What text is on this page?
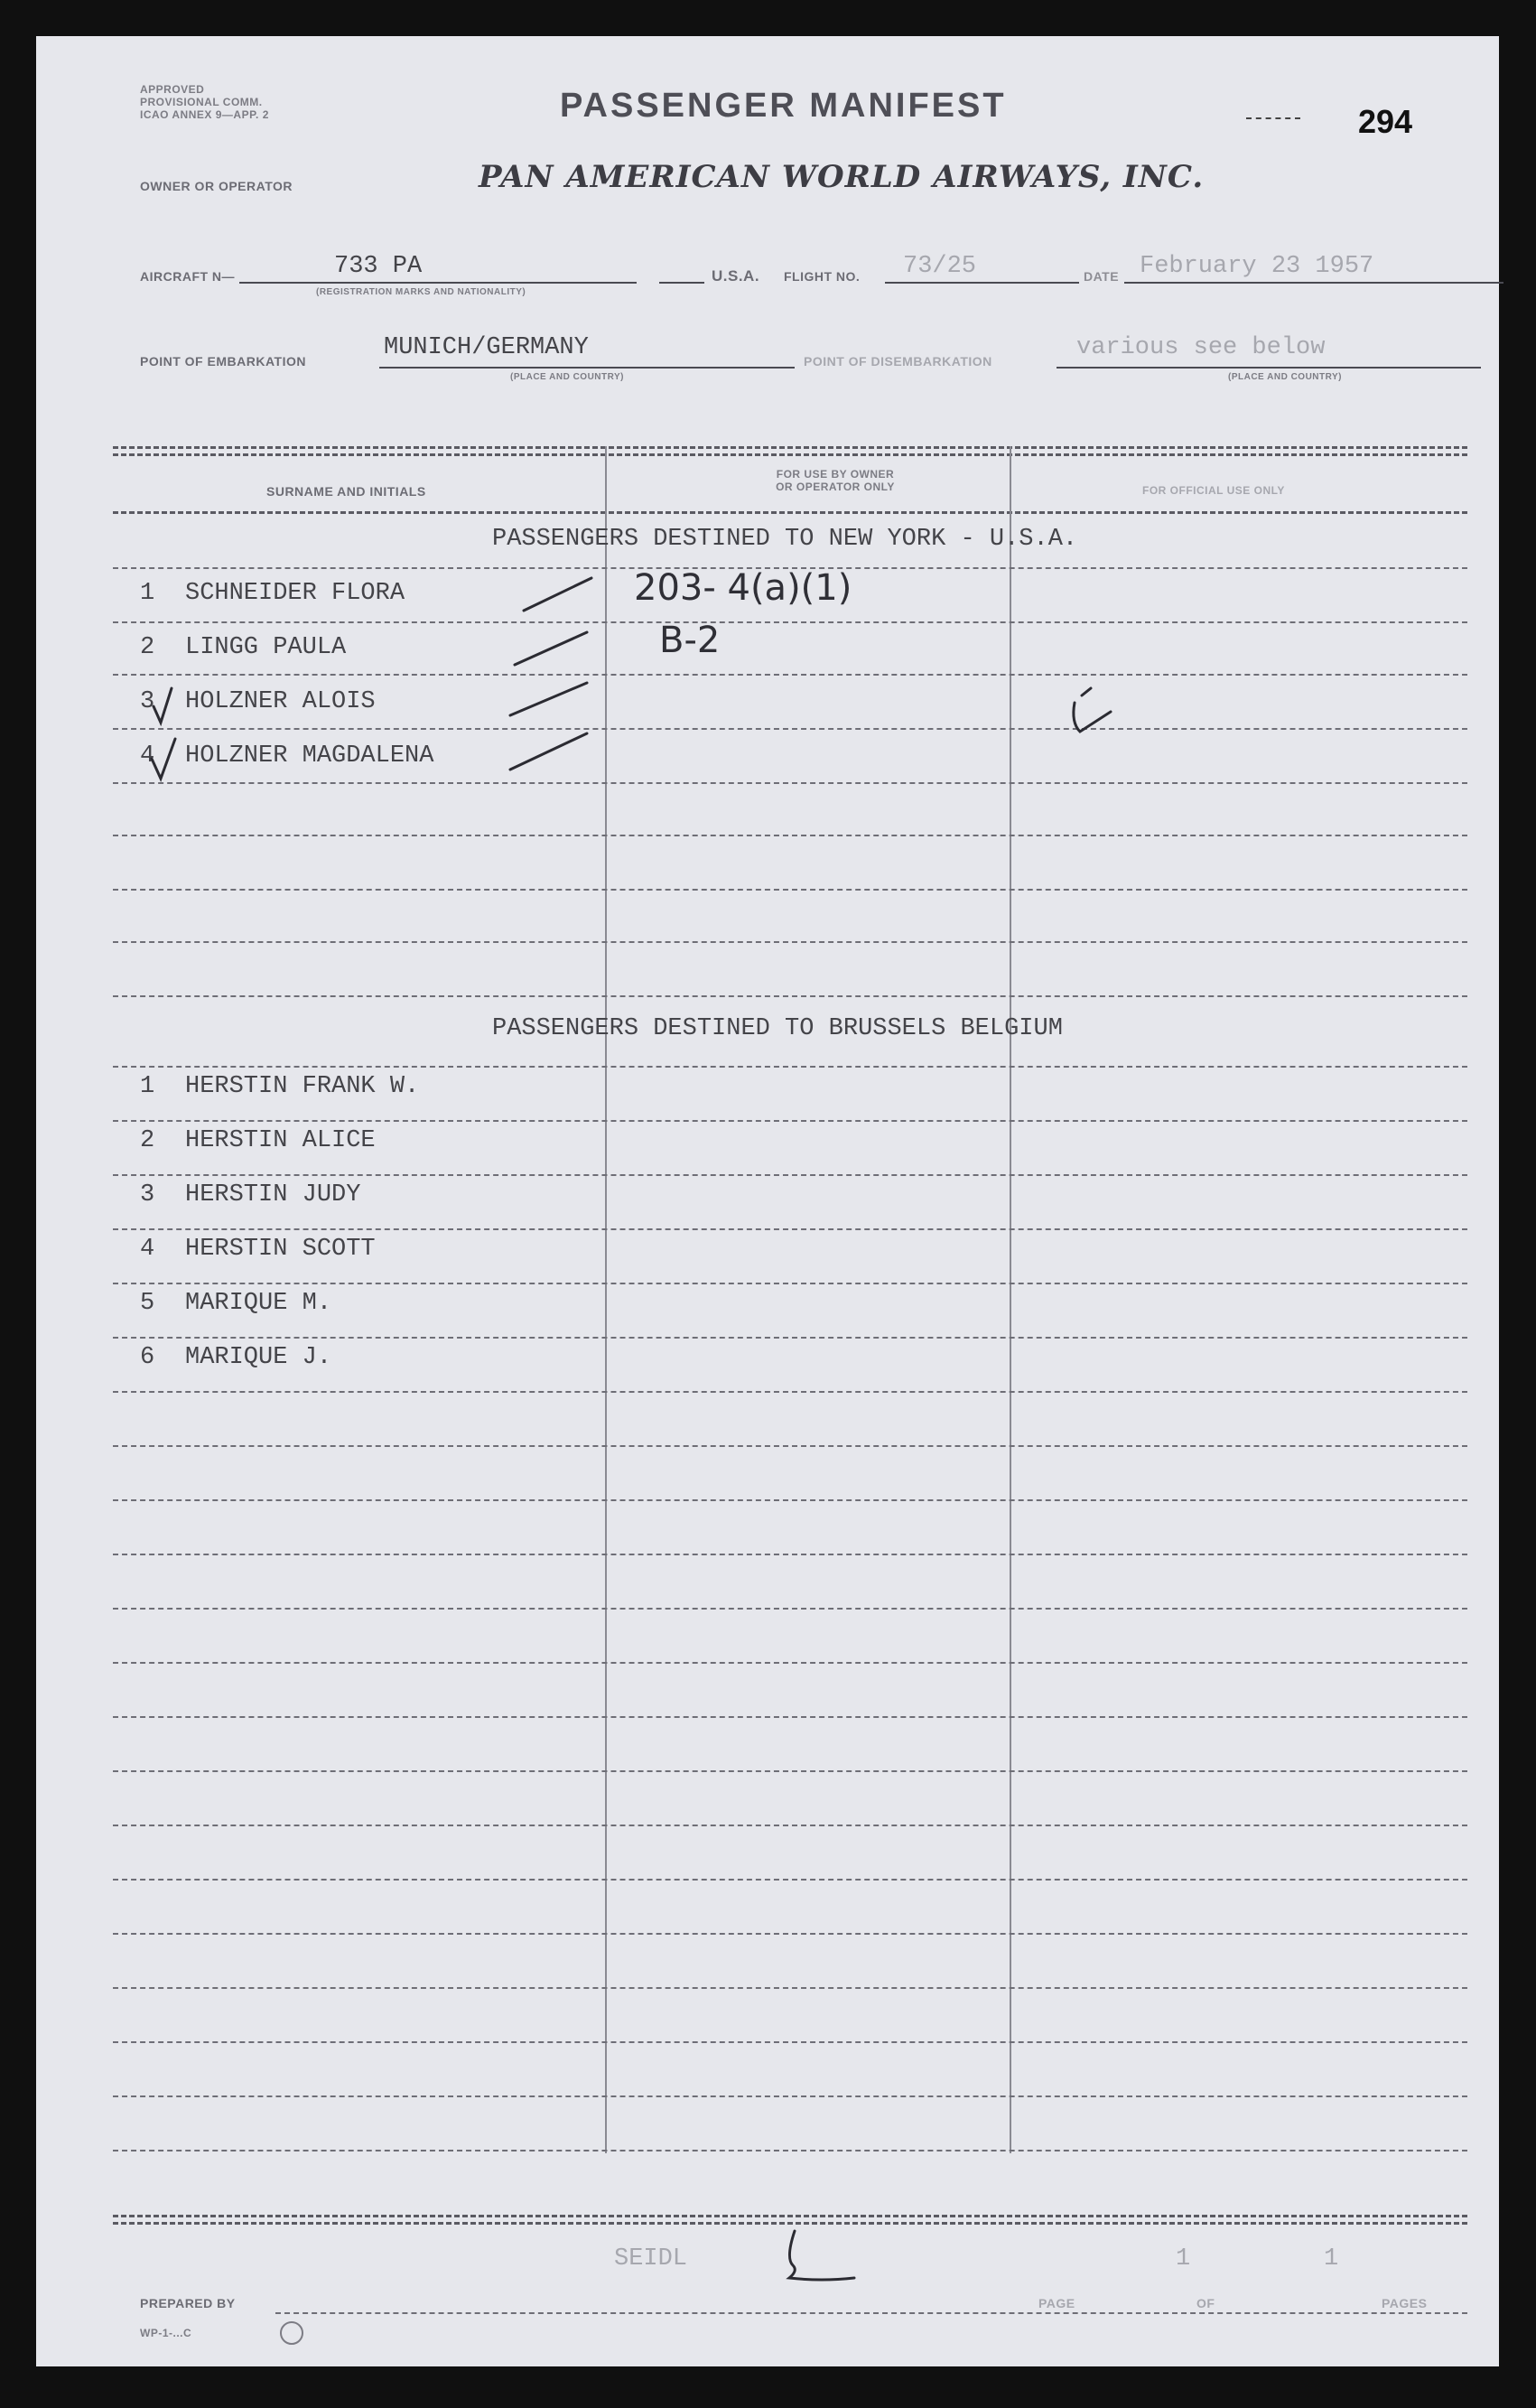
APPROVED
PROVISIONAL COMM.
ICAO ANNEX 9—APP. 2	PASSENGER MANIFEST	294
OWNER OR OPERATOR	PAN AMERICAN WORLD AIRWAYS, INC.
AIRCRAFT N—	733 PA
(REGISTRATION MARKS AND NATIONALITY)
U.S.A. FLIGHT NO. 73/25	DATE February 23 1957
POINT OF EMBARKATION	MUNICH/GERMANY
(PLACE AND COUNTRY)
POINT OF DISEMBARKATION	various see below
(PLACE AND COUNTRY)
SURNAME AND INITIALS
FOR USE BY OWNER
OR OPERATOR ONLY	FOR OFFICIAL USE ONLY
PASSENGERS DESTINED TO NEW YORK - U.S.A.
1 SCHNEIDER FLORA	203- 4(a)(1)
2 LINGG PAULA	B-2
3 HOLZNER ALOIS
4 HOLZNER MAGDALENA
PASSENGERS DESTINED TO BRUSSELS BELGIUM
1 HERSTIN FRANK W.
2 HERSTIN ALICE
3 HERSTIN JUDY
4 HERSTIN SCOTT
5 MARIQUE M.
6 MARIQUE J.
SEIDL	1	1
PREPARED BY	PAGE	OF	PAGES
WP-1-...C
